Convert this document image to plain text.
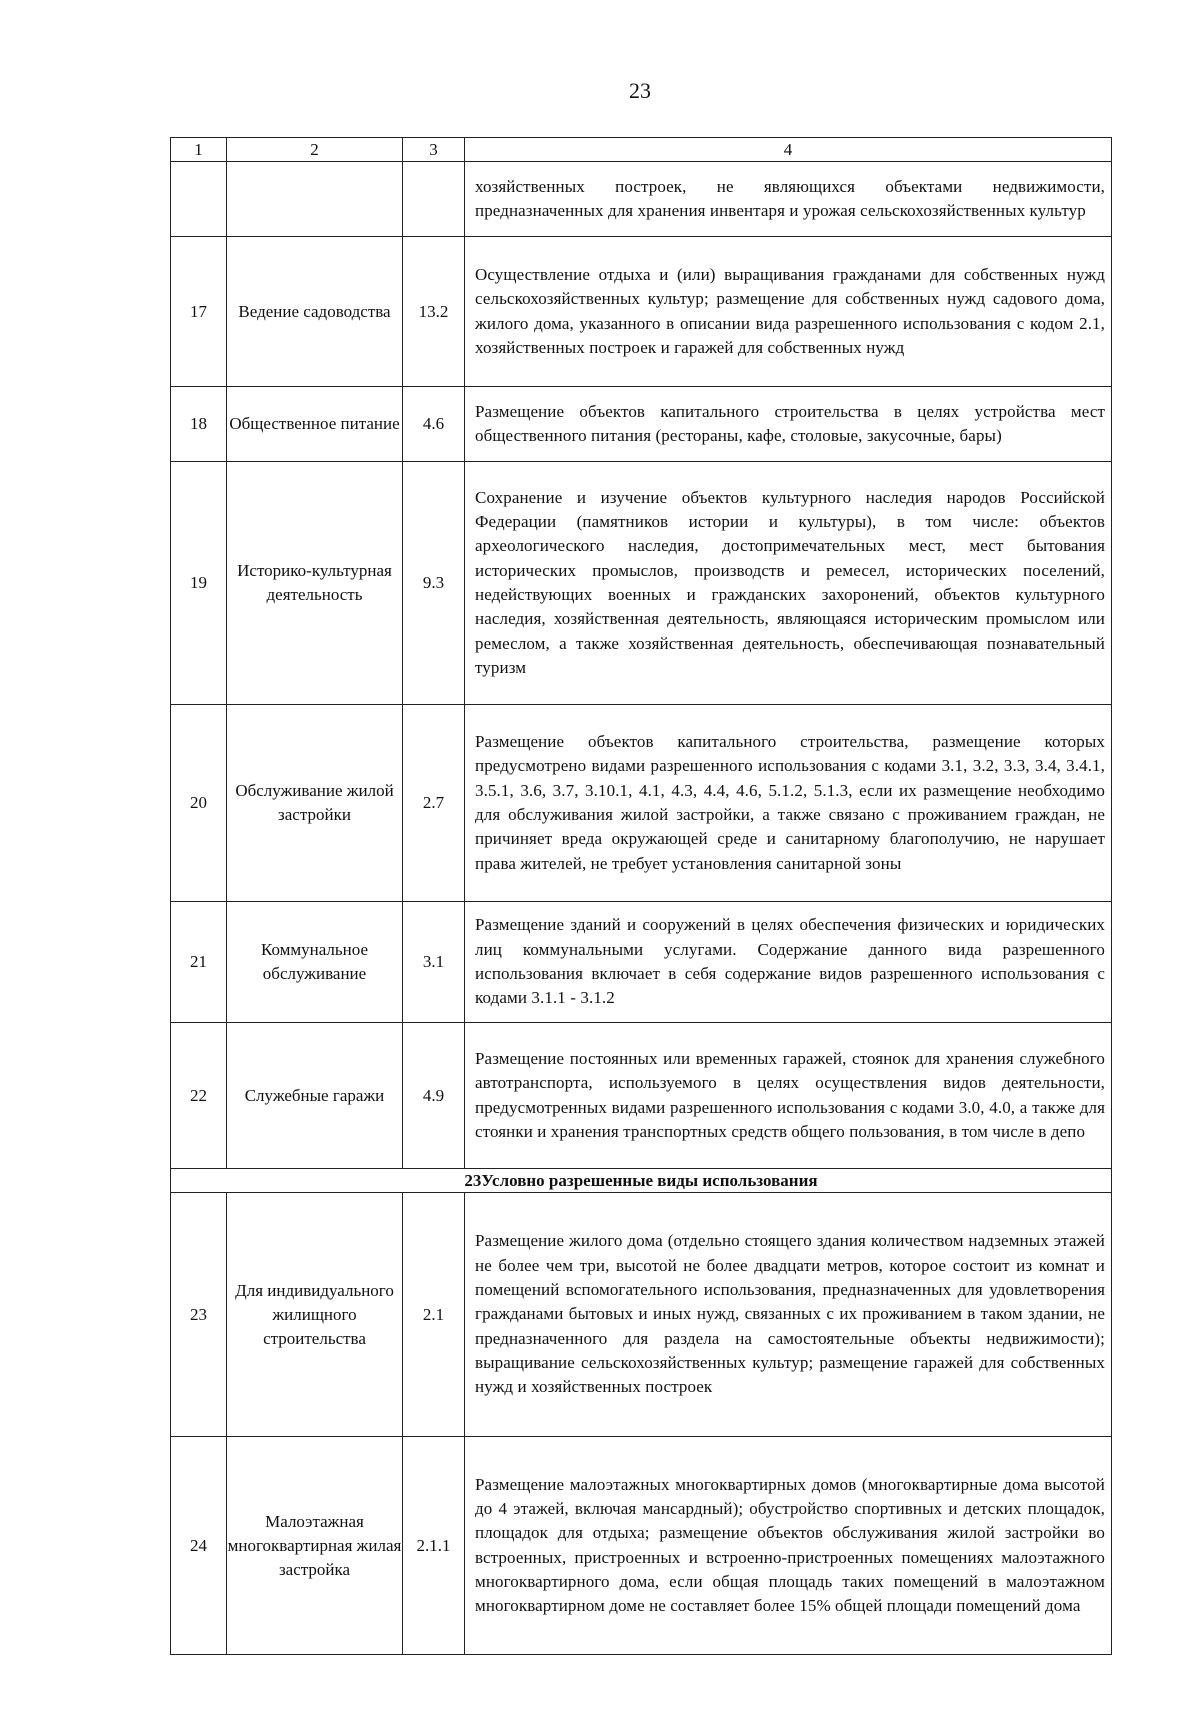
23
1	2	3	4
			хозяйственных построек, не являющихся объектами недвижимости, предназначенных для хранения инвентаря и урожая сельскохозяйственных культур
17	Ведение садоводства	13.2	Осуществление отдыха и (или) выращивания гражданами для собственных нужд сельскохозяйственных культур; размещение для собственных нужд садового дома, жилого дома, указанного в описании вида разрешенного использования с кодом 2.1, хозяйственных построек и гаражей для собственных нужд
18	Общественное питание	4.6	Размещение объектов капитального строительства в целях устройства мест общественного питания (рестораны, кафе, столовые, закусочные, бары)
19	Историко-культурная деятельность	9.3	Сохранение и изучение объектов культурного наследия народов Российской Федерации (памятников истории и культуры), в том числе: объектов археологического наследия, достопримечательных мест, мест бытования исторических промыслов, производств и ремесел, исторических поселений, недействующих военных и гражданских захоронений, объектов культурного наследия, хозяйственная деятельность, являющаяся историческим промыслом или ремеслом, а также хозяйственная деятельность, обеспечивающая познавательный туризм
20	Обслуживание жилой застройки	2.7	Размещение объектов капитального строительства, размещение которых предусмотрено видами разрешенного использования с кодами 3.1, 3.2, 3.3, 3.4, 3.4.1, 3.5.1, 3.6, 3.7, 3.10.1, 4.1, 4.3, 4.4, 4.6, 5.1.2, 5.1.3, если их размещение необходимо для обслуживания жилой застройки, а также связано с проживанием граждан, не причиняет вреда окружающей среде и санитарному благополучию, не нарушает права жителей, не требует установления санитарной зоны
21	Коммунальное обслуживание	3.1	Размещение зданий и сооружений в целях обеспечения физических и юридических лиц коммунальными услугами. Содержание данного вида разрешенного использования включает в себя содержание видов разрешенного использования с кодами 3.1.1 - 3.1.2
22	Служебные гаражи	4.9	Размещение постоянных или временных гаражей, стоянок для хранения служебного автотранспорта, используемого в целях осуществления видов деятельности, предусмотренных видами разрешенного использования с кодами 3.0, 4.0, а также для стоянки и хранения транспортных средств общего пользования, в том числе в депо
23Условно разрешенные виды использования			
23	Для индивидуального жилищного строительства	2.1	Размещение жилого дома (отдельно стоящего здания количеством надземных этажей не более чем три, высотой не более двадцати метров, которое состоит из комнат и помещений вспомогательного использования, предназначенных для удовлетворения гражданами бытовых и иных нужд, связанных с их проживанием в таком здании, не предназначенного для раздела на самостоятельные объекты недвижимости); выращивание сельскохозяйственных культур; размещение гаражей для собственных нужд и хозяйственных построек
24	Малоэтажная многоквартирная жилая застройка	2.1.1	Размещение малоэтажных многоквартирных домов (многоквартирные дома высотой до 4 этажей, включая мансардный); обустройство спортивных и детских площадок, площадок для отдыха; размещение объектов обслуживания жилой застройки во встроенных, пристроенных и встроенно-пристроенных помещениях малоэтажного многоквартирного дома, если общая площадь таких помещений в малоэтажном многоквартирном доме не составляет более 15% общей площади помещений дома
